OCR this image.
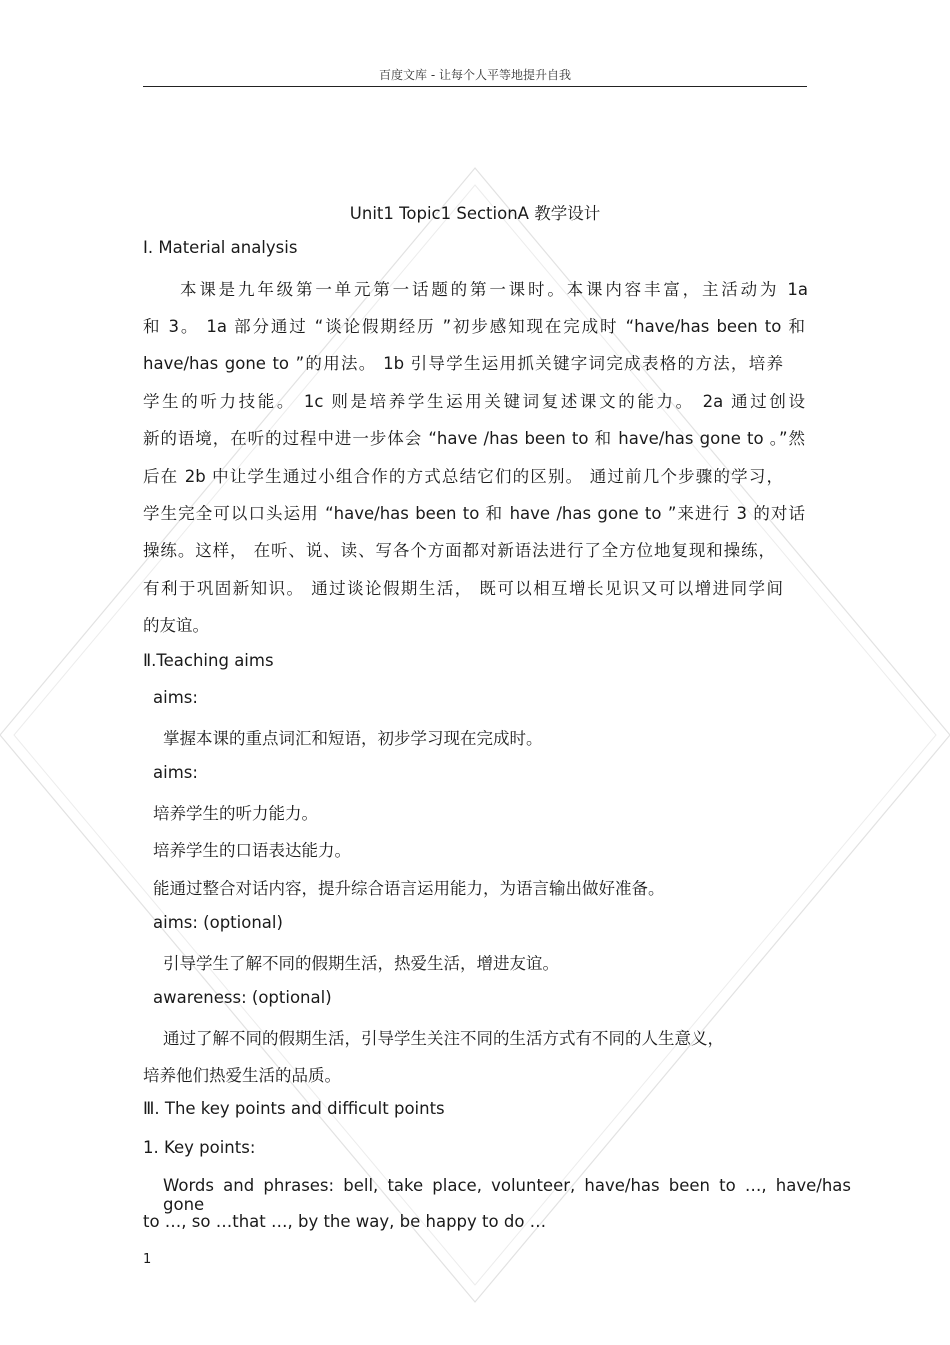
百度文库 - 让每个人平等地提升自我
Unit1 Topic1 SectionA 教学设计
Ⅰ. Material analysis
本课是九年级第一单元第一话题的第一课时。本课内容丰富，主活动为 1a
和 3。 1a 部分通过 “谈论假期经历 ”初步感知现在完成时 “have/has been to 和
have/has gone to ”的用法。 1b 引导学生运用抓关键字词完成表格的方法，培养
学生的听力技能。 1c 则是培养学生运用关键词复述课文的能力。 2a 通过创设
新的语境，在听的过程中进一步体会 “have /has been to 和 have/has gone to 。”然
后在 2b 中让学生通过小组合作的方式总结它们的区别。 通过前几个步骤的学习，
学生完全可以口头运用 “have/has been to 和 have /has gone to ”来进行 3 的对话
操练。这样， 在听、说、读、写各个方面都对新语法进行了全方位地复现和操练，
有利于巩固新知识。 通过谈论假期生活， 既可以相互增长见识又可以增进同学间
的友谊。
Ⅱ.Teaching aims
aims:
掌握本课的重点词汇和短语，初步学习现在完成时。
aims:
培养学生的听力能力。
培养学生的口语表达能力。
能通过整合对话内容，提升综合语言运用能力，为语言输出做好准备。
aims: (optional)
引导学生了解不同的假期生活，热爱生活，增进友谊。
awareness: (optional)
通过了解不同的假期生活，引导学生关注不同的生活方式有不同的人生意义，
培养他们热爱生活的品质。
Ⅲ. The key points and difficult points
1. Key points:
Words and phrases: bell, take place, volunteer, have/has been to …, have/has gone
to …, so …that …, by the way, be happy to do …
1
